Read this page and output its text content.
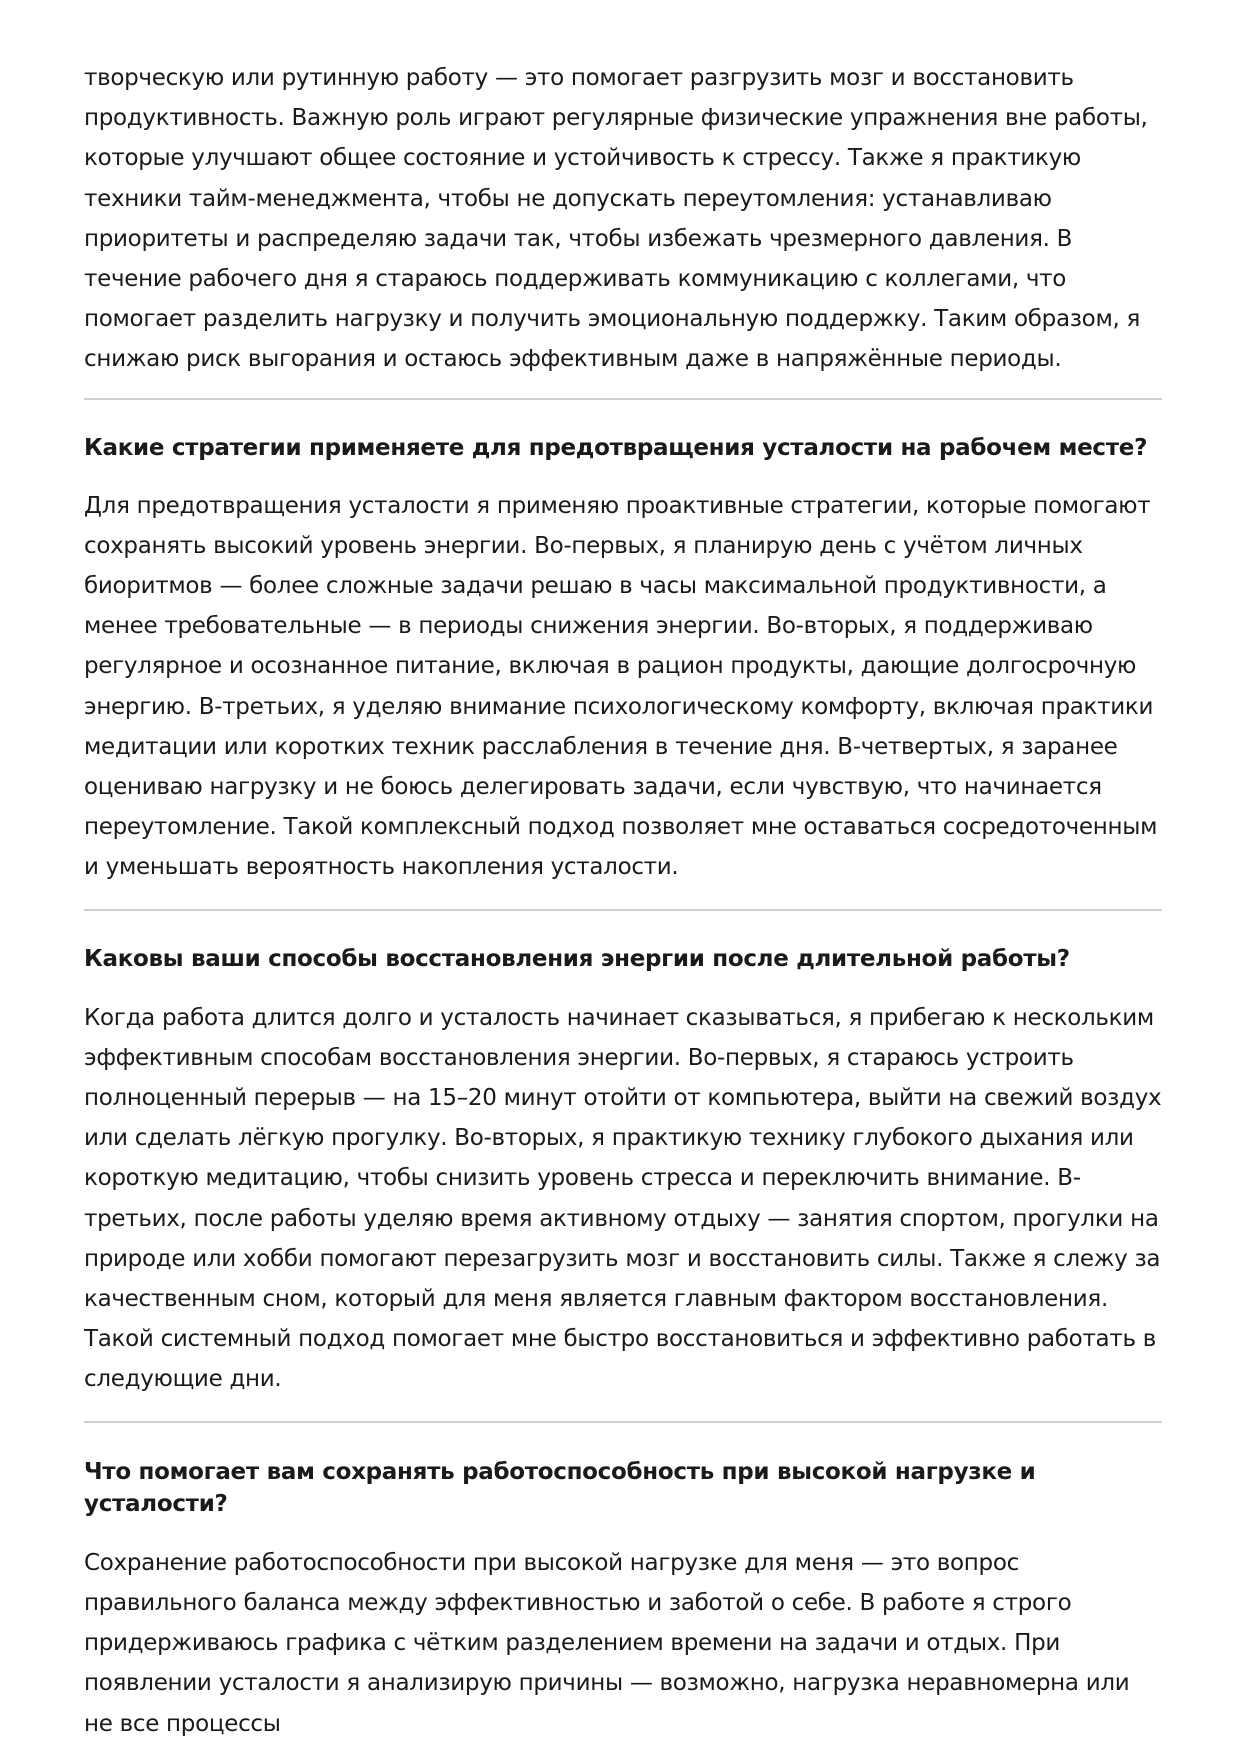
творческую или рутинную работу — это помогает разгрузить мозг и восстановить продуктивность. Важную роль играют регулярные физические упражнения вне работы, которые улучшают общее состояние и устойчивость к стрессу. Также я практикую техники тайм-менеджмента, чтобы не допускать переутомления: устанавливаю приоритеты и распределяю задачи так, чтобы избежать чрезмерного давления. В течение рабочего дня я стараюсь поддерживать коммуникацию с коллегами, что помогает разделить нагрузку и получить эмоциональную поддержку. Таким образом, я снижаю риск выгорания и остаюсь эффективным даже в напряжённые периоды.

Какие стратегии применяете для предотвращения усталости на рабочем месте?

Для предотвращения усталости я применяю проактивные стратегии, которые помогают сохранять высокий уровень энергии. Во-первых, я планирую день с учётом личных биоритмов — более сложные задачи решаю в часы максимальной продуктивности, а менее требовательные — в периоды снижения энергии. Во-вторых, я поддерживаю регулярное и осознанное питание, включая в рацион продукты, дающие долгосрочную энергию. В-третьих, я уделяю внимание психологическому комфорту, включая практики медитации или коротких техник расслабления в течение дня. В-четвертых, я заранее оцениваю нагрузку и не боюсь делегировать задачи, если чувствую, что начинается переутомление. Такой комплексный подход позволяет мне оставаться сосредоточенным и уменьшать вероятность накопления усталости.

Каковы ваши способы восстановления энергии после длительной работы?

Когда работа длится долго и усталость начинает сказываться, я прибегаю к нескольким эффективным способам восстановления энергии. Во-первых, я стараюсь устроить полноценный перерыв — на 15–20 минут отойти от компьютера, выйти на свежий воздух или сделать лёгкую прогулку. Во-вторых, я практикую технику глубокого дыхания или короткую медитацию, чтобы снизить уровень стресса и переключить внимание. В-третьих, после работы уделяю время активному отдыху — занятия спортом, прогулки на природе или хобби помогают перезагрузить мозг и восстановить силы. Также я слежу за качественным сном, который для меня является главным фактором восстановления. Такой системный подход помогает мне быстро восстановиться и эффективно работать в следующие дни.

Что помогает вам сохранять работоспособность при высокой нагрузке и усталости?

Сохранение работоспособности при высокой нагрузке для меня — это вопрос правильного баланса между эффективностью и заботой о себе. В работе я строго придерживаюсь графика с чётким разделением времени на задачи и отдых. При появлении усталости я анализирую причины — возможно, нагрузка неравномерна или не все процессы
